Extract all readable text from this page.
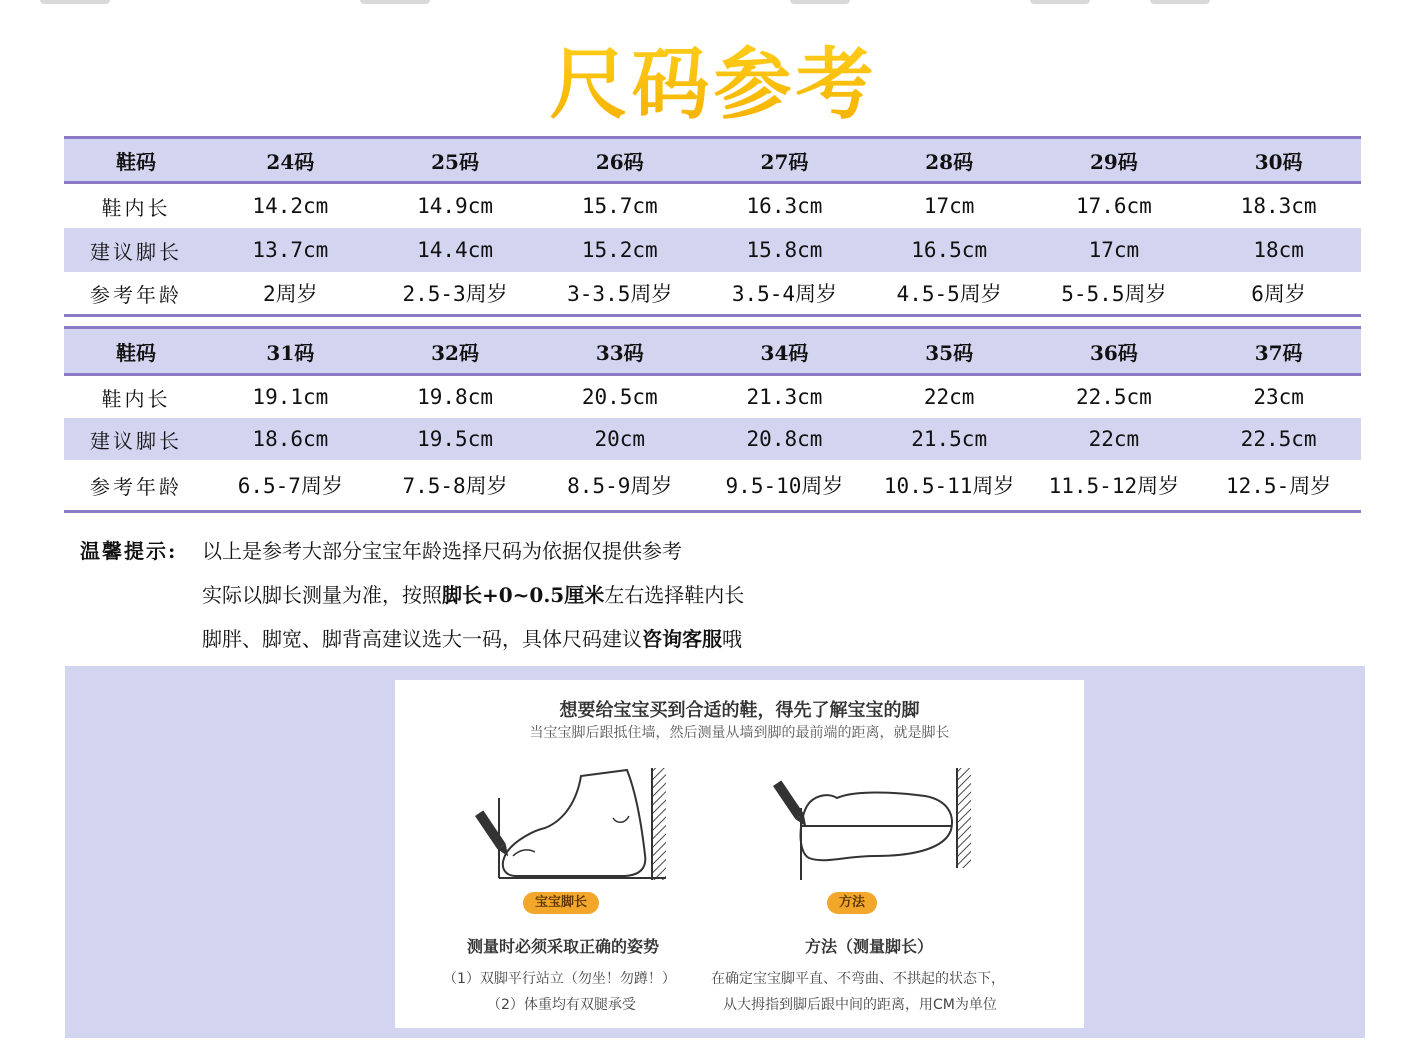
尺码参考
鞋码	24码	25码	26码	27码	28码	29码	30码
鞋内长	14.2cm	14.9cm	15.7cm	16.3cm	17cm	17.6cm	18.3cm
建议脚长	13.7cm	14.4cm	15.2cm	15.8cm	16.5cm	17cm	18cm
参考年龄	2周岁	2.5-3周岁	3-3.5周岁	3.5-4周岁	4.5-5周岁	5-5.5周岁	6周岁
鞋码	31码	32码	33码	34码	35码	36码	37码
鞋内长	19.1cm	19.8cm	20.5cm	21.3cm	22cm	22.5cm	23cm
建议脚长	18.6cm	19.5cm	20cm	20.8cm	21.5cm	22cm	22.5cm
参考年龄	6.5-7周岁	7.5-8周岁	8.5-9周岁	9.5-10周岁	10.5-11周岁	11.5-12周岁	12.5-周岁
温馨提示: 以上是参考大部分宝宝年龄选择尺码为依据仅提供参考
实际以脚长测量为准，按照脚长+0~0.5厘米左右选择鞋内长
脚胖、脚宽、脚背高建议选大一码，具体尺码建议咨询客服哦
想要给宝宝买到合适的鞋，得先了解宝宝的脚
当宝宝脚后跟抵住墙，然后测量从墙到脚的最前端的距离，就是脚长
宝宝脚长	方法
测量时必须采取正确的姿势	方法（测量脚长）
（1）双脚平行站立（勿坐！勿蹲！）
（2）体重均有双腿承受
在确定宝宝脚平直、不弯曲、不拱起的状态下，
从大拇指到脚后跟中间的距离，用CM为单位
